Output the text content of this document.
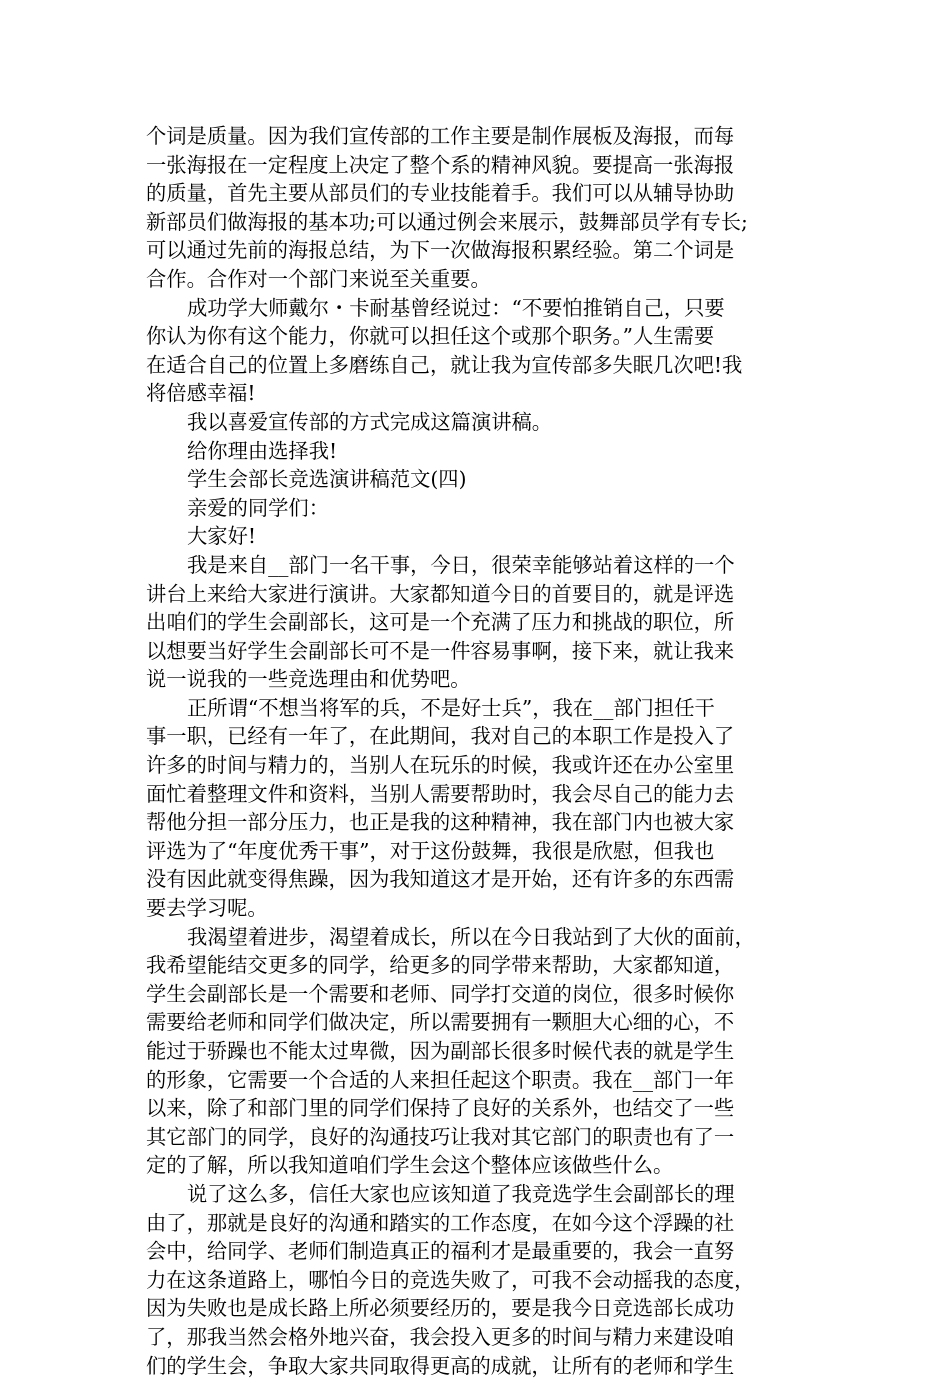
个词是质量。因为我们宣传部的工作主要是制作展板及海报，而每
一张海报在一定程度上决定了整个系的精神风貌。要提高一张海报
的质量，首先主要从部员们的专业技能着手。我们可以从辅导协助
新部员们做海报的基本功;可以通过例会来展示，鼓舞部员学有专长;
可以通过先前的海报总结，为下一次做海报积累经验。第二个词是
合作。合作对一个部门来说至关重要。
成功学大师戴尔・卡耐基曾经说过：“不要怕推销自己，只要
你认为你有这个能力，你就可以担任这个或那个职务。”人生需要
在适合自己的位置上多磨练自己，就让我为宣传部多失眠几次吧!我
将倍感幸福!
我以喜爱宣传部的方式完成这篇演讲稿。
给你理由选择我!
学生会部长竞选演讲稿范文(四)
亲爱的同学们：
大家好!
我是来自__部门一名干事，今日，很荣幸能够站着这样的一个
讲台上来给大家进行演讲。大家都知道今日的首要目的，就是评选
出咱们的学生会副部长，这可是一个充满了压力和挑战的职位，所
以想要当好学生会副部长可不是一件容易事啊，接下来，就让我来
说一说我的一些竞选理由和优势吧。
正所谓“不想当将军的兵，不是好士兵”，我在__部门担任干
事一职，已经有一年了，在此期间，我对自己的本职工作是投入了
许多的时间与精力的，当别人在玩乐的时候，我或许还在办公室里
面忙着整理文件和资料，当别人需要帮助时，我会尽自己的能力去
帮他分担一部分压力，也正是我的这种精神，我在部门内也被大家
评选为了“年度优秀干事”，对于这份鼓舞，我很是欣慰，但我也
没有因此就变得焦躁，因为我知道这才是开始，还有许多的东西需
要去学习呢。
我渴望着进步，渴望着成长，所以在今日我站到了大伙的面前，
我希望能结交更多的同学，给更多的同学带来帮助，大家都知道，
学生会副部长是一个需要和老师、同学打交道的岗位，很多时候你
需要给老师和同学们做决定，所以需要拥有一颗胆大心细的心，不
能过于骄躁也不能太过卑微，因为副部长很多时候代表的就是学生
的形象，它需要一个合适的人来担任起这个职责。我在__部门一年
以来，除了和部门里的同学们保持了良好的关系外，也结交了一些
其它部门的同学，良好的沟通技巧让我对其它部门的职责也有了一
定的了解，所以我知道咱们学生会这个整体应该做些什么。
说了这么多，信任大家也应该知道了我竞选学生会副部长的理
由了，那就是良好的沟通和踏实的工作态度，在如今这个浮躁的社
会中，给同学、老师们制造真正的福利才是最重要的，我会一直努
力在这条道路上，哪怕今日的竞选失败了，可我不会动摇我的态度，
因为失败也是成长路上所必须要经历的，要是我今日竞选部长成功
了，那我当然会格外地兴奋，我会投入更多的时间与精力来建设咱
们的学生会，争取大家共同取得更高的成就，让所有的老师和学生
